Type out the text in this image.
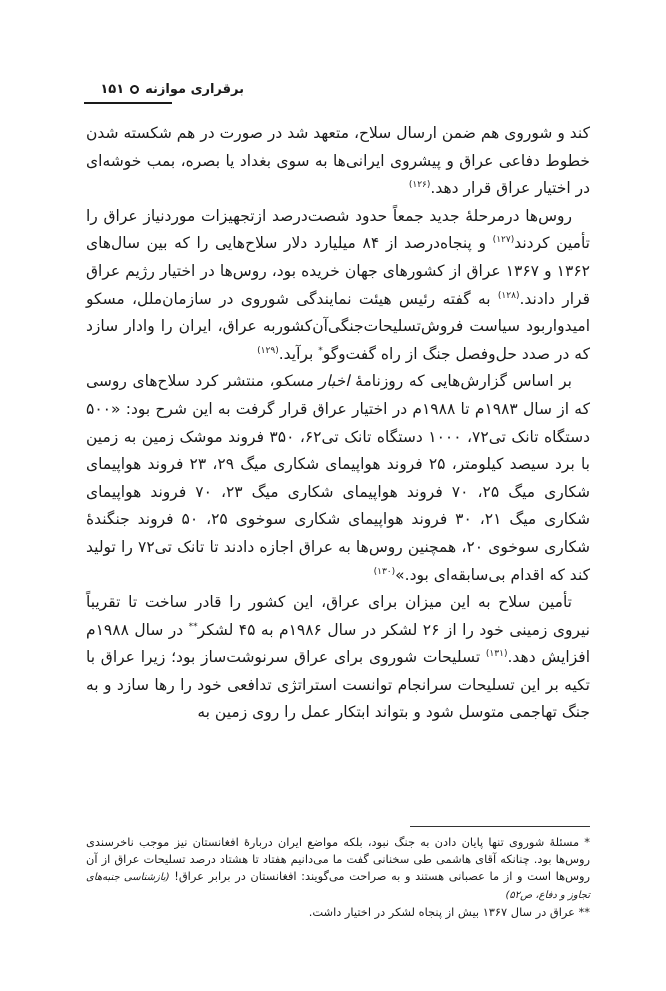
برقراری موازنه
۱۵۱

کند و شوروی هم ضمن ارسال سلاح، متعهد شد در صورت در هم شکسته شدن خطوط دفاعی عراق و پیشروی ایرانی‌ها به سوی بغداد یا بصره، بمب خوشه‌ای در اختیار عراق قرار دهد.$^{(۱۲۶)}$

روس‌ها درمرحلهٔ جدید جمعاً حدود شصت‌درصد ازتجهیزات موردنیاز عراق را تأمین کردند$^{(۱۲۷)}$ و پنجاه‌درصد از ۸۴ میلیارد دلار سلاح‌هایی را که بین سال‌های ۱۳۶۲ و ۱۳۶۷ عراق از کشورهای جهان خریده بود، روس‌ها در اختیار رژیم عراق قرار دادند.$^{(۱۲۸)}$ به گفته رئیس هیئت نمایندگی شوروی در سازمان‌ملل، مسکو امیدواربود سیاست فروش‌تسلیحات‌جنگی‌آن‌کشوربه عراق، ایران را وادار سازد که در صدد حل‌وفصل جنگ از راه گفت‌وگو* برآید.$^{(۱۲۹)}$

بر اساس گزارش‌هایی که روزنامهٔ اخبار مسکو، منتشر کرد سلاح‌های روسی که از سال ۱۹۸۳م تا ۱۹۸۸م در اختیار عراق قرار گرفت به این شرح بود: «۵۰۰ دستگاه تانک تی۷۲، ۱۰۰۰ دستگاه تانک تی۶۲، ۳۵۰ فروند موشک زمین به زمین با برد سیصد کیلومتر، ۲۵ فروند هواپیمای شکاری میگ ۲۹، ۲۳ فروند هواپیمای شکاری میگ ۲۵، ۷۰ فروند هواپیمای شکاری میگ ۲۳، ۷۰ فروند هواپیمای شکاری میگ ۲۱، ۳۰ فروند هواپیمای شکاری سوخوی ۲۵، ۵۰ فروند جنگندهٔ شکاری سوخوی ۲۰، همچنین روس‌ها به عراق اجازه دادند تا تانک تی۷۲ را تولید کند که اقدام بی‌سابقه‌ای بود.»$^{(۱۳۰)}$

تأمین سلاح به این میزان برای عراق، این کشور را قادر ساخت تا تقریباً نیروی زمینی خود را از ۲۶ لشکر در سال ۱۹۸۶م به ۴۵ لشکر** در سال ۱۹۸۸م افزایش دهد.$^{(۱۳۱)}$ تسلیحات شوروی برای عراق سرنوشت‌ساز بود؛ زیرا عراق با تکیه بر این تسلیحات سرانجام توانست استراتژی تدافعی خود را رها سازد و به جنگ تهاجمی متوسل شود و بتواند ابتکار عمل را روی زمین به

* مسئلهٔ شوروی تنها پایان دادن به جنگ نبود، بلکه مواضع ایران دربارهٔ افغانستان نیز موجب ناخرسندی روس‌ها بود. چنانکه آقای هاشمی طی سخنانی گفت ما می‌دانیم هفتاد تا هشتاد درصد تسلیحات عراق از آن روس‌ها است و از ما عصبانی هستند و به صراحت می‌گویند: افغانستان در برابر عراق! (بازشناسی جنبه‌های تجاوز و دفاع، ص۵۲)

** عراق در سال ۱۳۶۷ بیش از پنجاه لشکر در اختیار داشت.
